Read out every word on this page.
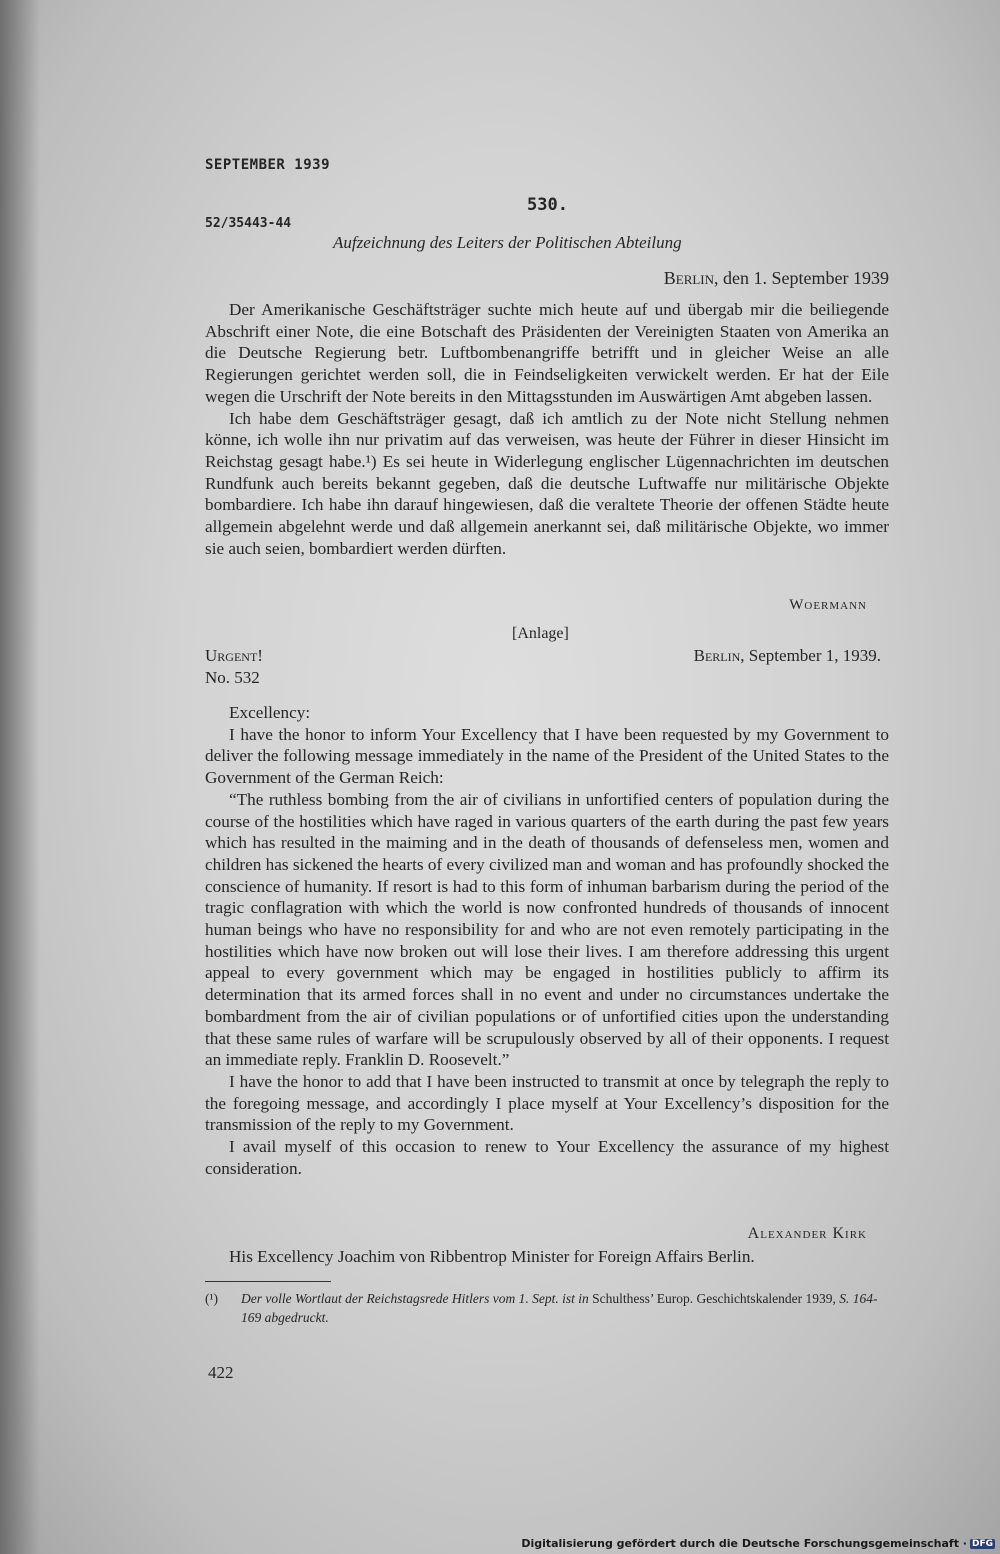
SEPTEMBER 1939
530.
52/35443-44
Aufzeichnung des Leiters der Politischen Abteilung
Berlin, den 1. September 1939

Der Amerikanische Geschäftsträger suchte mich heute auf und übergab mir die beiliegende Abschrift einer Note, die eine Botschaft des Präsidenten der Vereinigten Staaten von Amerika an die Deutsche Regierung betr. Luftbombenangriffe betrifft und in gleicher Weise an alle Regierungen gerichtet werden soll, die in Feindseligkeiten verwickelt werden. Er hat der Eile wegen die Urschrift der Note bereits in den Mittagsstunden im Auswärtigen Amt abgeben lassen.

Ich habe dem Geschäftsträger gesagt, daß ich amtlich zu der Note nicht Stellung nehmen könne, ich wolle ihn nur privatim auf das verweisen, was heute der Führer in dieser Hinsicht im Reichstag gesagt habe.¹) Es sei heute in Widerlegung englischer Lügennachrichten im deutschen Rundfunk auch bereits bekannt gegeben, daß die deutsche Luftwaffe nur militärische Objekte bombardiere. Ich habe ihn darauf hingewiesen, daß die veraltete Theorie der offenen Städte heute allgemein abgelehnt werde und daß allgemein anerkannt sei, daß militärische Objekte, wo immer sie auch seien, bombardiert werden dürften.

Woermann
[Anlage]
Urgent!	Berlin, September 1, 1939.
No. 532
Excellency:

I have the honor to inform Your Excellency that I have been requested by my Government to deliver the following message immediately in the name of the President of the United States to the Government of the German Reich:

“The ruthless bombing from the air of civilians in unfortified centers of population during the course of the hostilities which have raged in various quarters of the earth during the past few years which has resulted in the maiming and in the death of thousands of defenseless men, women and children has sickened the hearts of every civilized man and woman and has profoundly shocked the conscience of humanity. If resort is had to this form of inhuman barbarism during the period of the tragic conflagration with which the world is now confronted hundreds of thousands of innocent human beings who have no responsibility for and who are not even remotely participating in the hostilities which have now broken out will lose their lives. I am therefore addressing this urgent appeal to every government which may be engaged in hostilities publicly to affirm its determination that its armed forces shall in no event and under no circumstances undertake the bombardment from the air of civilian populations or of unfortified cities upon the understanding that these same rules of warfare will be scrupulously observed by all of their opponents. I request an immediate reply. Franklin D. Roosevelt.”

I have the honor to add that I have been instructed to transmit at once by telegraph the reply to the foregoing message, and accordingly I place myself at Your Excellency’s disposition for the transmission of the reply to my Government.

I avail myself of this occasion to renew to Your Excellency the assurance of my highest consideration.

Alexander Kirk
His Excellency Joachim von Ribbentrop Minister for Foreign Affairs Berlin.
(¹) Der volle Wortlaut der Reichstagsrede Hitlers vom 1. Sept. ist in Schulthess’ Europ. Geschichtskalender 1939, S. 164-169 abgedruckt.
422
Digitalisierung gefördert durch die Deutsche Forschungsgemeinschaft · DFG
